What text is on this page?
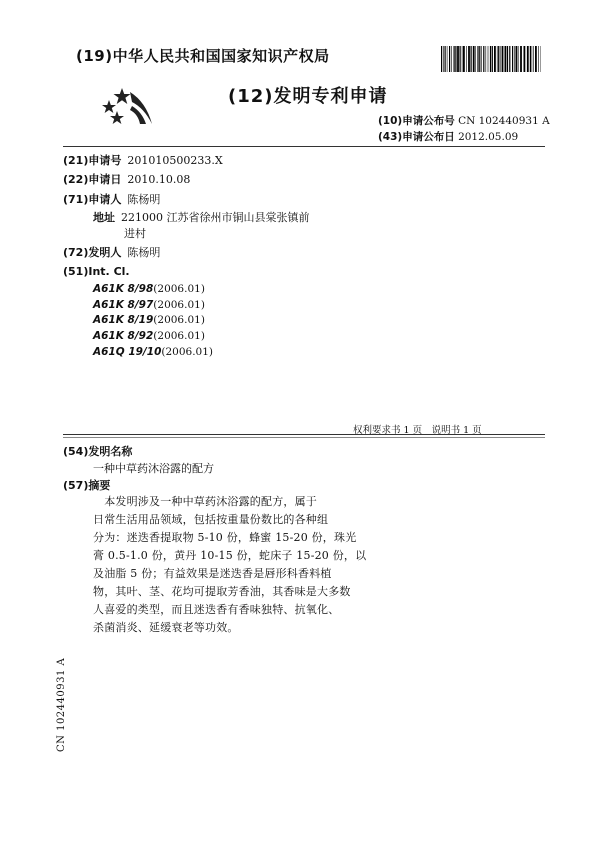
(19)中华人民共和国国家知识产权局
(12)发明专利申请
(10)申请公布号 CN 102440931 A
(43)申请公布日 2012.05.09
(21)申请号 201010500233.X
(22)申请日 2010.10.08
(71)申请人 陈杨明
地址 221000 江苏省徐州市铜山县棠张镇前
进村
(72)发明人 陈杨明
(51)Int. Cl.
A61K 8/98(2006.01)
A61K 8/97(2006.01)
A61K 8/19(2006.01)
A61K 8/92(2006.01)
A61Q 19/10(2006.01)
权利要求书 1 页　说明书 1 页
(54)发明名称
一种中草药沐浴露的配方
(57)摘要
　本发明涉及一种中草药沐浴露的配方，属于
日常生活用品领域，包括按重量份数比的各种组
分为：迷迭香提取物 5-10 份，蜂蜜 15-20 份，珠光
膏 0.5-1.0 份，黄丹 10-15 份，蛇床子 15-20 份，以
及油脂 5 份；有益效果是迷迭香是唇形科香料植
物，其叶、茎、花均可提取芳香油，其香味是大多数
人喜爱的类型，而且迷迭香有香味独特、抗氧化、
杀菌消炎、延缓衰老等功效。
CN 102440931 A
